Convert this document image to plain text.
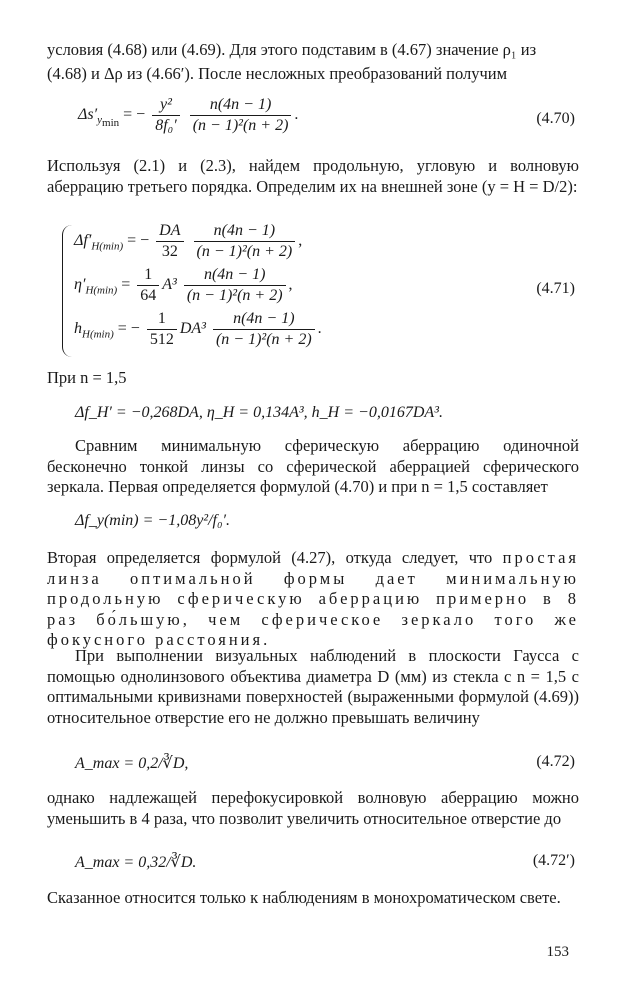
условия (4.68) или (4.69). Для этого подставим в (4.67) значение ρ₁ из
(4.68) и Δρ из (4.66′). После несложных преобразований получим
$\Delta s'_{y_{min}}$ = − $\frac{\text{y²}}{\text{8f₀′}}$
$\frac{n(4n - 1)}{\text{(n − 1)²(n + 2)}}$ .	(4.70)
Используя (2.1) и (2.3), найдем продольную, угловую и волновую аберрацию третьего порядка. Определим их на внешней зоне (y = H = D/2):
$\Delta f'_{H(min)}$ = − $\frac{DA}{32}$
$\frac{n(4n - 1)}{\text{(n − 1)²(n + 2)}}$ ,
$\eta'_{H(min)} = \frac{1}{64} A^3 \frac{n(4n - 1)}{\text{(n − 1)²(n + 2)}}$ ,
$h_{H(min)}$ = − $\frac{1}{512} DA^3 \frac{n(4n - 1)}{\text{(n − 1)²(n + 2)}}$ .
(4.71)
При n = 1,5
Δf_H′ = −0,268DA, η_H = 0,134A³, h_H = −0,0167DA³.
Сравним минимальную сферическую аберрацию одиночной бесконечно тонкой линзы со сферической аберрацией сферического зеркала. Первая определяется формулой (4.70) и при n = 1,5 составляет
Δf_y(min) = −1,08y²/f₀′.
Вторая определяется формулой (4.27), откуда следует, что простая линза оптимальной формы дает минимальную продольную сферическую аберрацию примерно в 8 раз бо́льшую, чем сферическое зеркало того же фокусного расстояния.
При выполнении визуальных наблюдений в плоскости Гаусса с помощью однолинзового объектива диаметра D (мм) из стекла с n = 1,5 с оптимальными кривизнами поверхностей (выраженными формулой (4.69)) относительное отверстие его не должно превышать величину
A_max = 0,2/∛D,	(4.72)
однако надлежащей перефокусировкой волновую аберрацию можно уменьшить в 4 раза, что позволит увеличить относительное отверстие до
A_max = 0,32/∛D.	(4.72′)
Сказанное относится только к наблюдениям в монохроматическом свете.
153
